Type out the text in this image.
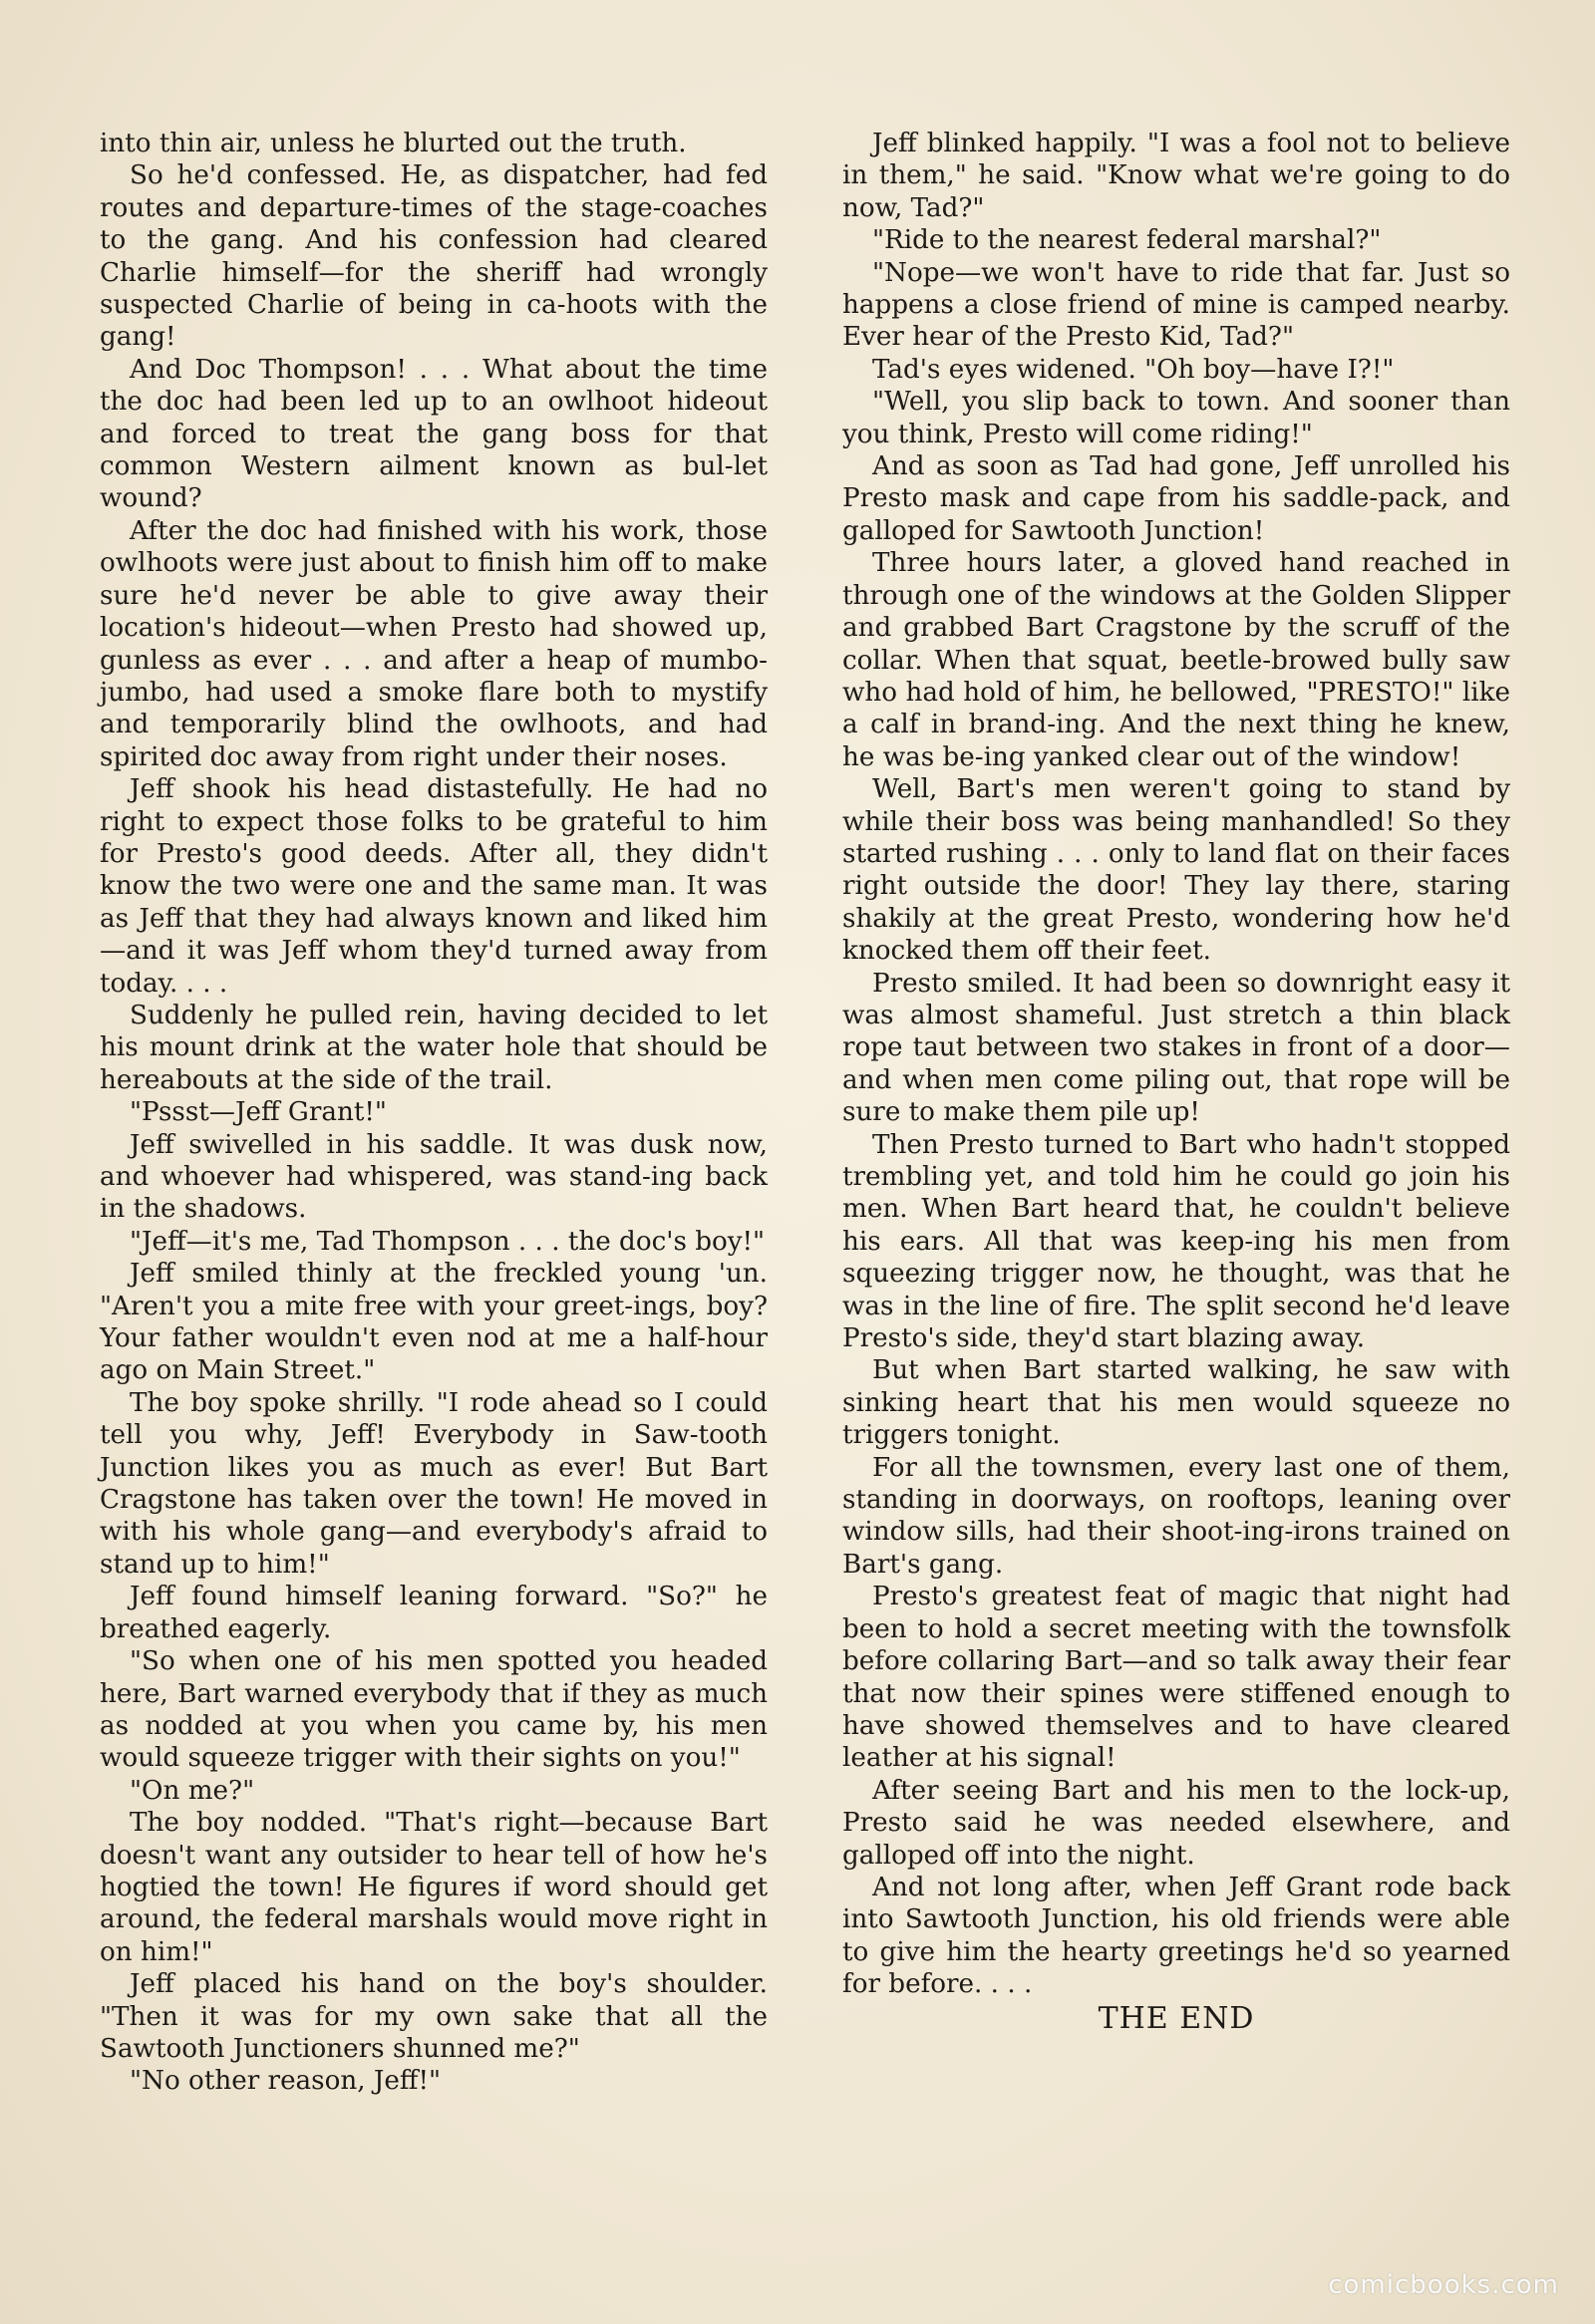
into thin air, unless he blurted out the truth.

So he'd confessed. He, as dispatcher, had fed routes and departure-times of the stage-coaches to the gang. And his confession had cleared Charlie himself—for the sheriff had wrongly suspected Charlie of being in ca-hoots with the gang!

And Doc Thompson! . . . What about the time the doc had been led up to an owlhoot hideout and forced to treat the gang boss for that common Western ailment known as bul-let wound?

After the doc had finished with his work, those owlhoots were just about to finish him off to make sure he'd never be able to give away their location's hideout—when Presto had showed up, gunless as ever . . . and after a heap of mumbo-jumbo, had used a smoke flare both to mystify and temporarily blind the owlhoots, and had spirited doc away from right under their noses.

Jeff shook his head distastefully. He had no right to expect those folks to be grateful to him for Presto's good deeds. After all, they didn't know the two were one and the same man. It was as Jeff that they had always known and liked him—and it was Jeff whom they'd turned away from today. . . .

Suddenly he pulled rein, having decided to let his mount drink at the water hole that should be hereabouts at the side of the trail.

"Pssst—Jeff Grant!"

Jeff swivelled in his saddle. It was dusk now, and whoever had whispered, was stand-ing back in the shadows.

"Jeff—it's me, Tad Thompson . . . the doc's boy!"

Jeff smiled thinly at the freckled young 'un. "Aren't you a mite free with your greet-ings, boy? Your father wouldn't even nod at me a half-hour ago on Main Street."

The boy spoke shrilly. "I rode ahead so I could tell you why, Jeff! Everybody in Saw-tooth Junction likes you as much as ever! But Bart Cragstone has taken over the town! He moved in with his whole gang—and everybody's afraid to stand up to him!"

Jeff found himself leaning forward. "So?" he breathed eagerly.

"So when one of his men spotted you headed here, Bart warned everybody that if they as much as nodded at you when you came by, his men would squeeze trigger with their sights on you!"

"On me?"

The boy nodded. "That's right—because Bart doesn't want any outsider to hear tell of how he's hogtied the town! He figures if word should get around, the federal marshals would move right in on him!"

Jeff placed his hand on the boy's shoulder. "Then it was for my own sake that all the Sawtooth Junctioners shunned me?"

"No other reason, Jeff!"

Jeff blinked happily. "I was a fool not to believe in them," he said. "Know what we're going to do now, Tad?"

"Ride to the nearest federal marshal?"

"Nope—we won't have to ride that far. Just so happens a close friend of mine is camped nearby. Ever hear of the Presto Kid, Tad?"

Tad's eyes widened. "Oh boy—have I?!"

"Well, you slip back to town. And sooner than you think, Presto will come riding!"

And as soon as Tad had gone, Jeff unrolled his Presto mask and cape from his saddle-pack, and galloped for Sawtooth Junction!

Three hours later, a gloved hand reached in through one of the windows at the Golden Slipper and grabbed Bart Cragstone by the scruff of the collar. When that squat, beetle-browed bully saw who had hold of him, he bellowed, "PRESTO!" like a calf in brand-ing. And the next thing he knew, he was be-ing yanked clear out of the window!

Well, Bart's men weren't going to stand by while their boss was being manhandled! So they started rushing . . . only to land flat on their faces right outside the door! They lay there, staring shakily at the great Presto, wondering how he'd knocked them off their feet.

Presto smiled. It had been so downright easy it was almost shameful. Just stretch a thin black rope taut between two stakes in front of a door—and when men come piling out, that rope will be sure to make them pile up!

Then Presto turned to Bart who hadn't stopped trembling yet, and told him he could go join his men. When Bart heard that, he couldn't believe his ears. All that was keep-ing his men from squeezing trigger now, he thought, was that he was in the line of fire. The split second he'd leave Presto's side, they'd start blazing away.

But when Bart started walking, he saw with sinking heart that his men would squeeze no triggers tonight.

For all the townsmen, every last one of them, standing in doorways, on rooftops, leaning over window sills, had their shoot-ing-irons trained on Bart's gang.

Presto's greatest feat of magic that night had been to hold a secret meeting with the townsfolk before collaring Bart—and so talk away their fear that now their spines were stiffened enough to have showed themselves and to have cleared leather at his signal!

After seeing Bart and his men to the lock-up, Presto said he was needed elsewhere, and galloped off into the night.

And not long after, when Jeff Grant rode back into Sawtooth Junction, his old friends were able to give him the hearty greetings he'd so yearned for before. . . .

THE END

comicbooks.com
